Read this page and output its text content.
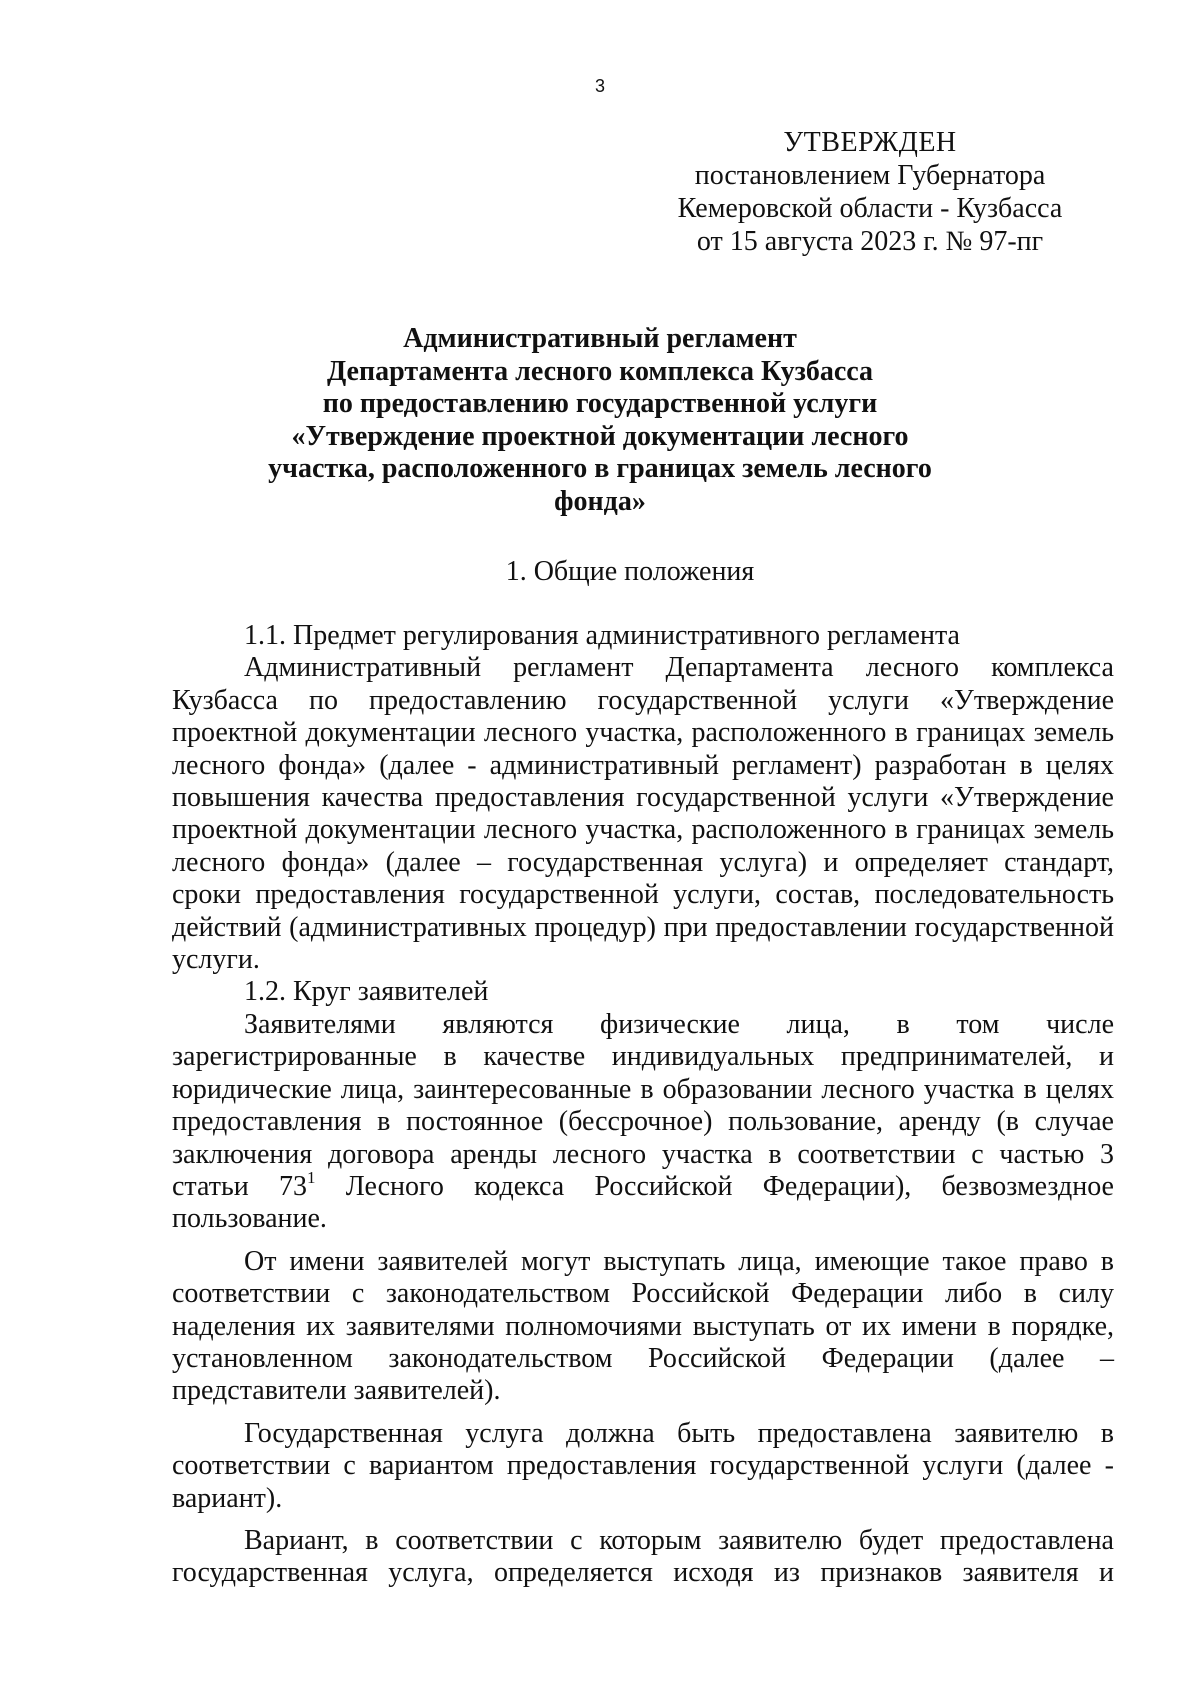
3
УТВЕРЖДЕН
постановлением Губернатора
Кемеровской области - Кузбасса
от 15 августа 2023 г. № 97-пг
Административный регламент
Департамента лесного комплекса Кузбасса
по предоставлению государственной услуги
«Утверждение проектной документации лесного
участка, расположенного в границах земель лесного
фонда»
1. Общие положения

1.1. Предмет регулирования административного регламента

Административный регламент Департамента лесного комплекса Кузбасса по предоставлению государственной услуги «Утверждение проектной документации лесного участка, расположенного в границах земель лесного фонда» (далее - административный регламент) разработан в целях повышения качества предоставления государственной услуги «Утверждение проектной документации лесного участка, расположенного в границах земель лесного фонда» (далее – государственная услуга) и определяет стандарт, сроки предоставления государственной услуги, состав, последовательность действий (административных процедур) при предоставлении государственной услуги.

1.2. Круг заявителей

Заявителями являются физические лица, в том числе зарегистрированные в качестве индивидуальных предпринимателей, и юридические лица, заинтересованные в образовании лесного участка в целях предоставления в постоянное (бессрочное) пользование, аренду (в случае заключения договора аренды лесного участка в соответствии с частью 3 статьи $73^1$ Лесного кодекса Российской Федерации), безвозмездное пользование.

От имени заявителей могут выступать лица, имеющие такое право в соответствии с законодательством Российской Федерации либо в силу наделения их заявителями полномочиями выступать от их имени в порядке, установленном законодательством Российской Федерации (далее – представители заявителей).

Государственная услуга должна быть предоставлена заявителю в соответствии с вариантом предоставления государственной услуги (далее - вариант).

Вариант, в соответствии с которым заявителю будет предоставлена государственная услуга, определяется исходя из признаков заявителя и
